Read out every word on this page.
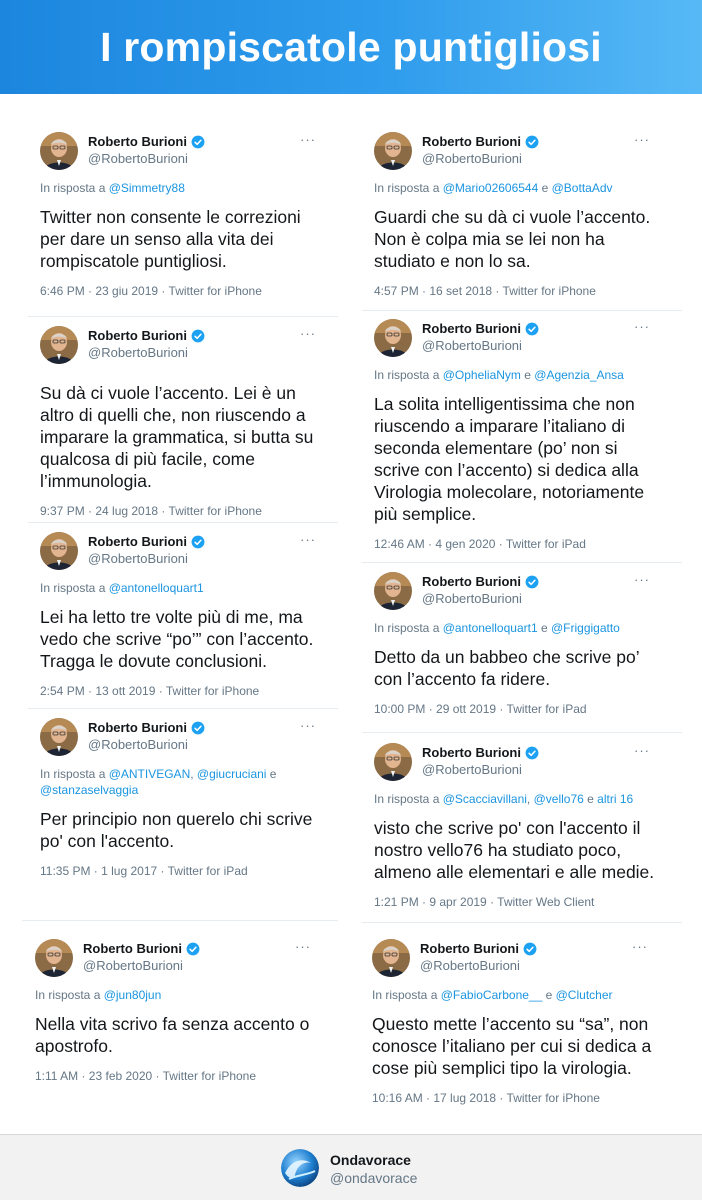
I rompiscatole puntigliosi
Roberto Burioni
@RobertoBurioni
···
In risposta a @Simmetry88
Twitter non consente le correzioni per dare un senso alla vita dei rompiscatole puntigliosi.
6:46 PM · 23 giu 2019 · Twitter for iPhone
Roberto Burioni
@RobertoBurioni
···
Su dà ci vuole l’accento. Lei è un altro di quelli che, non riuscendo a imparare la grammatica, si butta su qualcosa di più facile, come l’immunologia.
9:37 PM · 24 lug 2018 · Twitter for iPhone
Roberto Burioni
@RobertoBurioni
···
In risposta a @antonelloquart1
Lei ha letto tre volte più di me, ma vedo che scrive “po’” con l’accento. Tragga le dovute conclusioni.
2:54 PM · 13 ott 2019 · Twitter for iPhone
Roberto Burioni
@RobertoBurioni
···
In risposta a @ANTIVEGAN, @giucruciani e @stanzaselvaggia
Per principio non querelo chi scrive po' con l'accento.
11:35 PM · 1 lug 2017 · Twitter for iPad
Roberto Burioni
@RobertoBurioni
···
In risposta a @jun80jun
Nella vita scrivo fa senza accento o apostrofo.
1:11 AM · 23 feb 2020 · Twitter for iPhone
Roberto Burioni
@RobertoBurioni
···
In risposta a @Mario02606544 e @BottaAdv
Guardi che su dà ci vuole l’accento. Non è colpa mia se lei non ha studiato e non lo sa.
4:57 PM · 16 set 2018 · Twitter for iPhone
Roberto Burioni
@RobertoBurioni
···
In risposta a @OpheliaNym e @Agenzia_Ansa
La solita intelligentissima che non riuscendo a imparare l’italiano di seconda elementare (po’ non si scrive con l’accento) si dedica alla Virologia molecolare, notoriamente più semplice.
12:46 AM · 4 gen 2020 · Twitter for iPad
Roberto Burioni
@RobertoBurioni
···
In risposta a @antonelloquart1 e @Friggigatto
Detto da un babbeo che scrive po’ con l’accento fa ridere.
10:00 PM · 29 ott 2019 · Twitter for iPad
Roberto Burioni
@RobertoBurioni
···
In risposta a @Scacciavillani, @vello76 e altri 16
visto che scrive po' con l'accento il nostro vello76 ha studiato poco, almeno alle elementari e alle medie.
1:21 PM · 9 apr 2019 · Twitter Web Client
Roberto Burioni
@RobertoBurioni
···
In risposta a @FabioCarbone__ e @Clutcher
Questo mette l’accento su “sa”, non conosce l’italiano per cui si dedica a cose più semplici tipo la virologia.
10:16 AM · 17 lug 2018 · Twitter for iPhone
Ondavorace
@ondavorace
